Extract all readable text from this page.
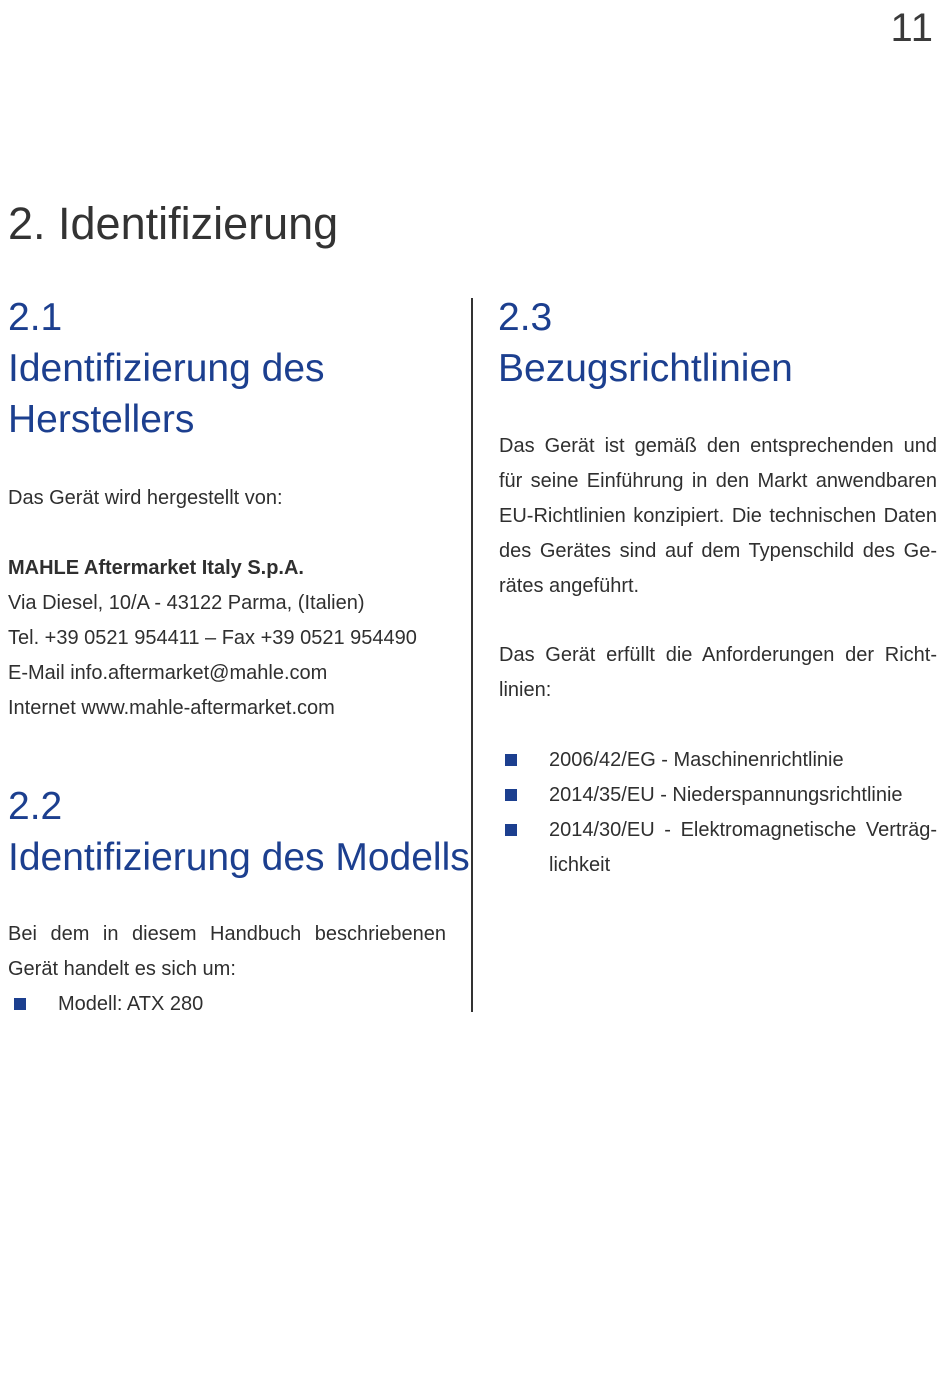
11
2. Identifizierung
2.1
Identifizierung des
Herstellers

Das Gerät wird hergestellt von:

MAHLE Aftermarket Italy S.p.A.
Via Diesel, 10/A - 43122 Parma, (Italien)
Tel. +39 0521 954411 – Fax +39 0521 954490
E-Mail info.aftermarket@mahle.com
Internet www.mahle-aftermarket.com
2.2
Identifizierung des Modells
Bei dem in diesem Handbuch beschriebenen
Gerät handelt es sich um:
Modell: ATX 280
2.3
Bezugsrichtlinien
Das Gerät ist gemäß den entsprechenden und
für seine Einführung in den Markt anwendbaren
EU-Richtlinien konzipiert. Die technischen Daten
des Gerätes sind auf dem Typenschild des Ge-
rätes angeführt.
Das Gerät erfüllt die Anforderungen der Richt-
linien:
2006/42/EG - Maschinenrichtlinie
2014/35/EU - Niederspannungsrichtlinie
2014/30/EU - Elektromagnetische Verträg-
lichkeit
